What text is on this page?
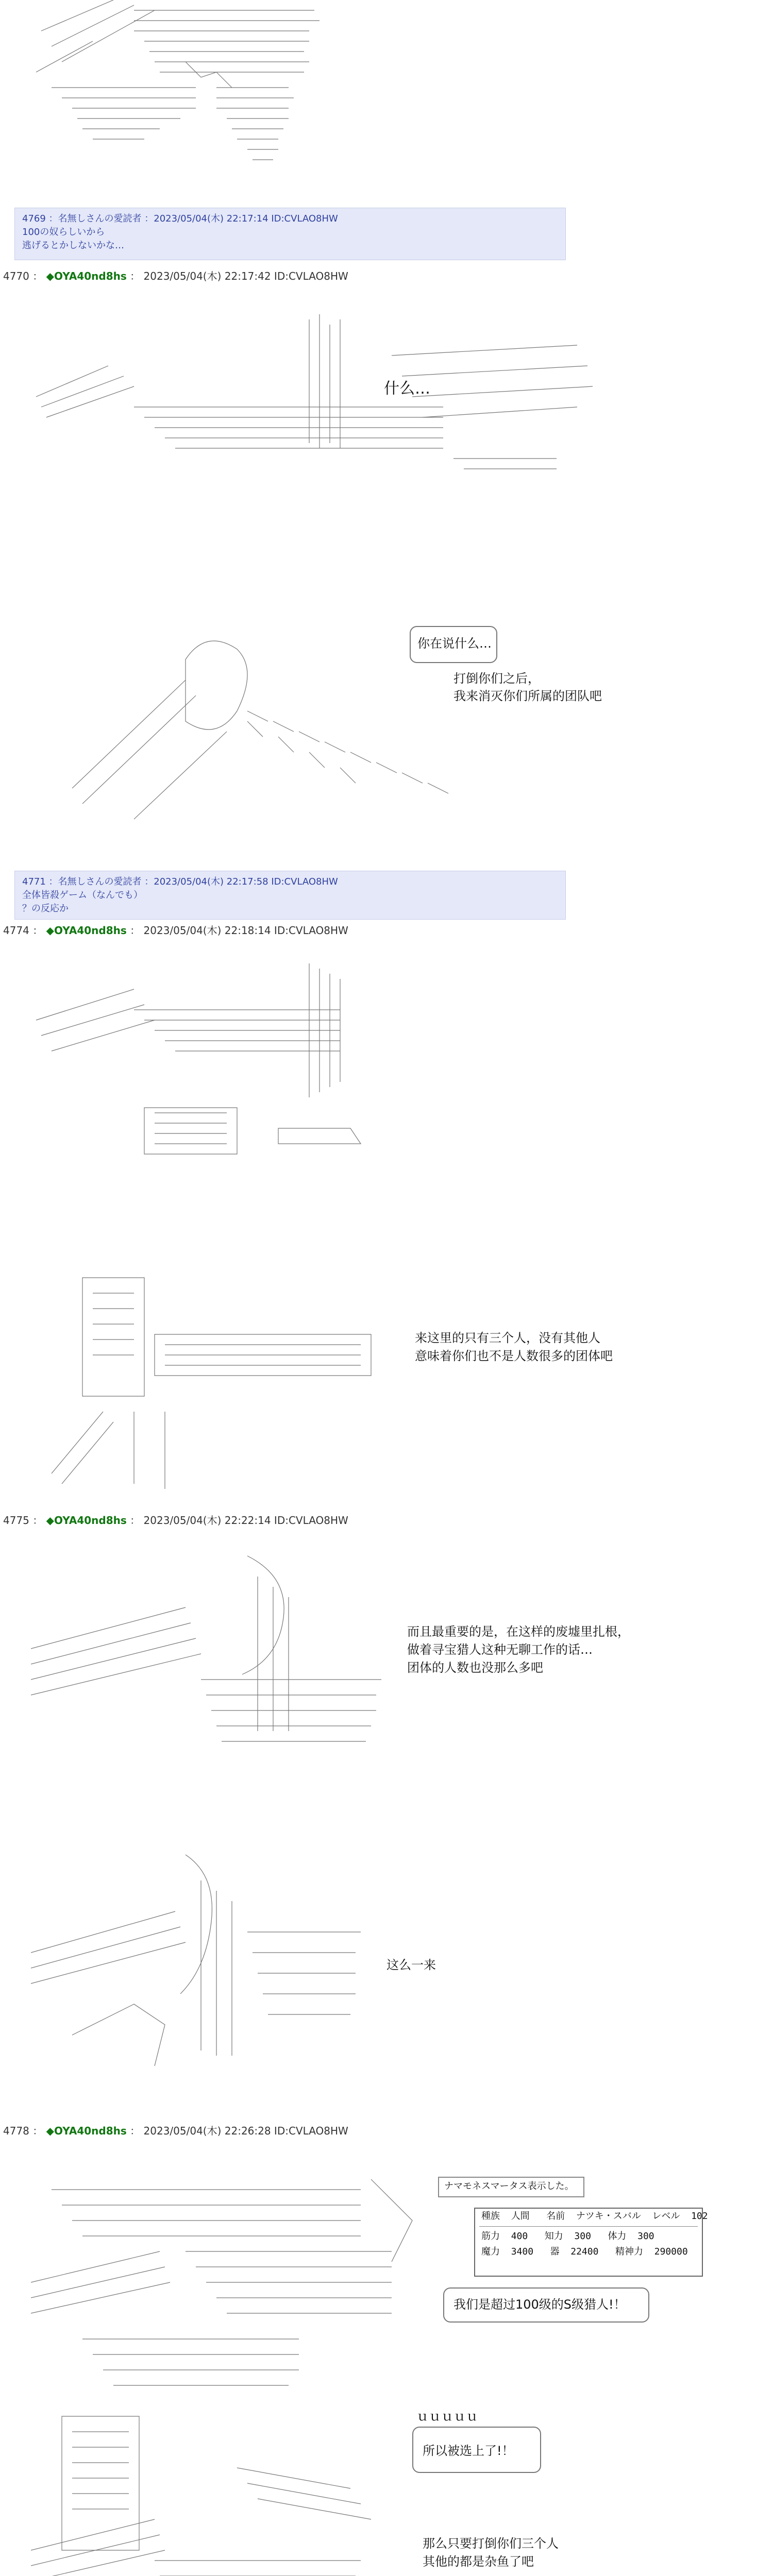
4769 ：名無しさんの愛読者 ：2023/05/04(木) 22:17:14 ID:CVLAO8HW
100の奴らしいから
逃げるとかしないかな…
4770 ： ◆OYA40nd8hs ： 2023/05/04(木) 22:17:42 ID:CVLAO8HW
什么…
你在说什么…
打倒你们之后，
我来消灭你们所属的团队吧
4771 ：名無しさんの愛読者 ：2023/05/04(木) 22:17:58 ID:CVLAO8HW
全体皆殺ゲーム（なんでも）
？の反応か
4774 ： ◆OYA40nd8hs ： 2023/05/04(木) 22:18:14 ID:CVLAO8HW
来这里的只有三个人，没有其他人
意味着你们也不是人数很多的团体吧
4775 ： ◆OYA40nd8hs ： 2023/05/04(木) 22:22:14 ID:CVLAO8HW
而且最重要的是，在这样的废墟里扎根，
做着寻宝猎人这种无聊工作的话…
团体的人数也没那么多吧
这么一来
4778 ： ◆OYA40nd8hs ： 2023/05/04(木) 22:26:28 ID:CVLAO8HW
ナマモネスマータス表示した。
種族 人間 名前 ナツキ・スバル レベル 102
筋力 400 知力 300 体力 300
魔力 3400 器 22400 精神力 290000
我们是超过100级的S级猎人!！
ｕｕｕｕｕ
所以被选上了!！
那么只要打倒你们三个人
其他的都是杂鱼了吧
